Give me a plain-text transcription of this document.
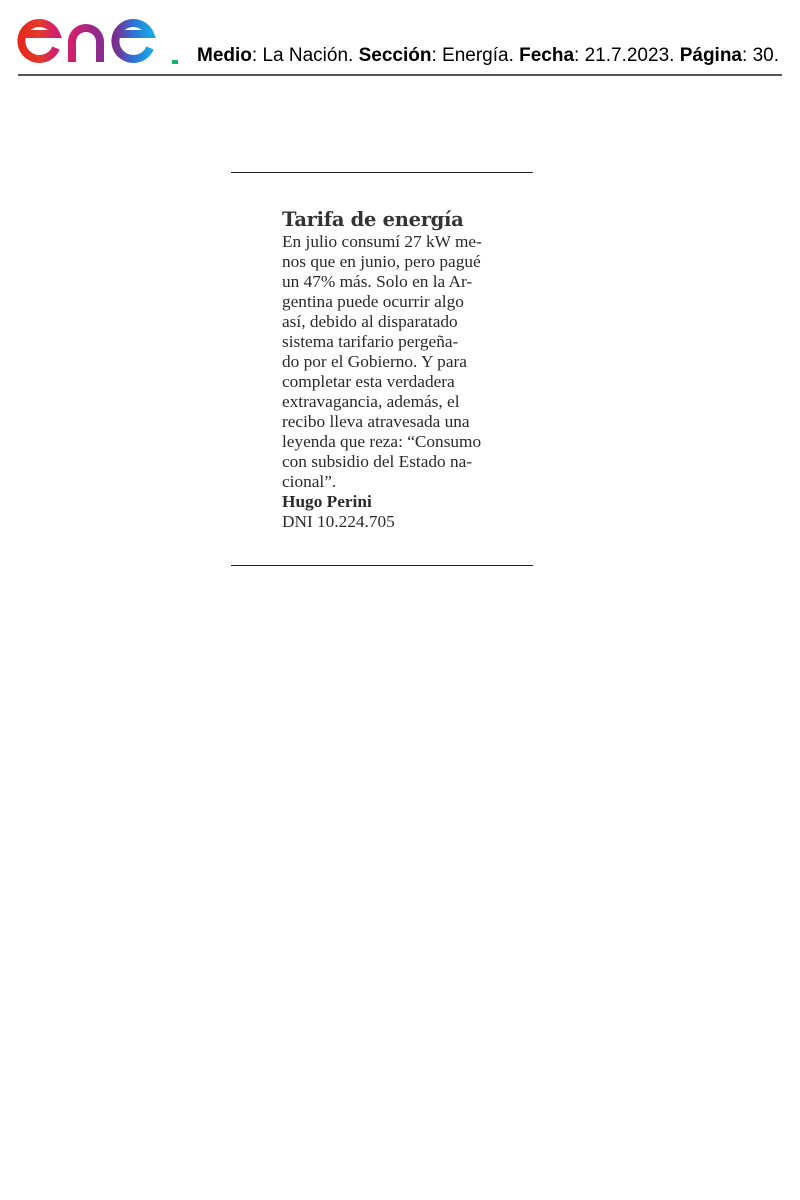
Medio: La Nación. Sección: Energía. Fecha: 21.7.2023. Página: 30.
Tarifa de energía

En julio consumí 27 kW me-
nos que en junio, pero pagué
un 47% más. Solo en la Ar-
gentina puede ocurrir algo
así, debido al disparatado
sistema tarifario pergeña-
do por el Gobierno. Y para
completar esta verdadera
extravagancia, además, el
recibo lleva atravesada una
leyenda que reza: “Consumo
con subsidio del Estado na-
cional”.

Hugo Perini
DNI 10.224.705
